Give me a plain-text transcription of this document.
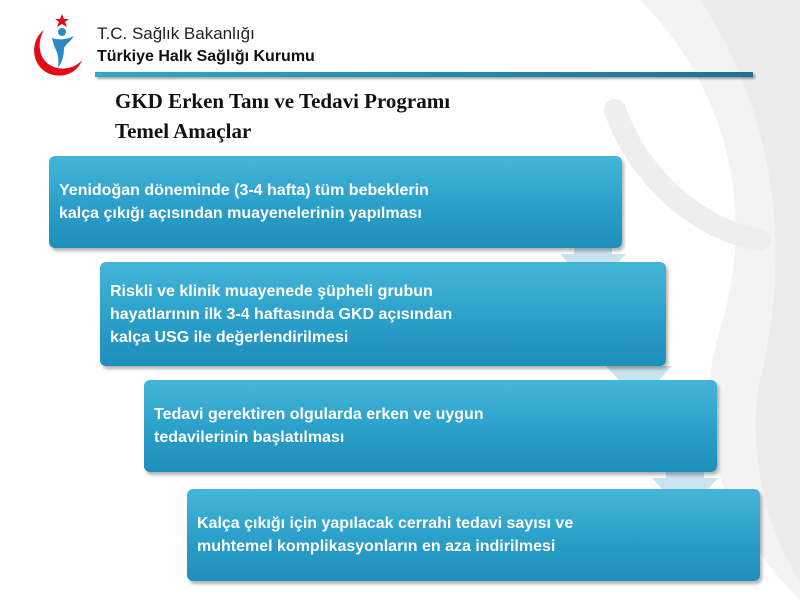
T.C. Sağlık Bakanlığı
Türkiye Halk Sağlığı Kurumu
GKD Erken Tanı ve Tedavi Programı
Temel Amaçlar
Yenidoğan döneminde (3-4 hafta) tüm bebeklerin
kalça çıkığı açısından muayenelerinin yapılması
Riskli ve klinik muayenede şüpheli grubun
hayatlarının ilk 3-4 haftasında GKD açısından
kalça USG ile değerlendirilmesi
Tedavi gerektiren olgularda erken ve uygun
tedavilerinin başlatılması
Kalça çıkığı için yapılacak cerrahi tedavi sayısı ve
muhtemel komplikasyonların en aza indirilmesi
